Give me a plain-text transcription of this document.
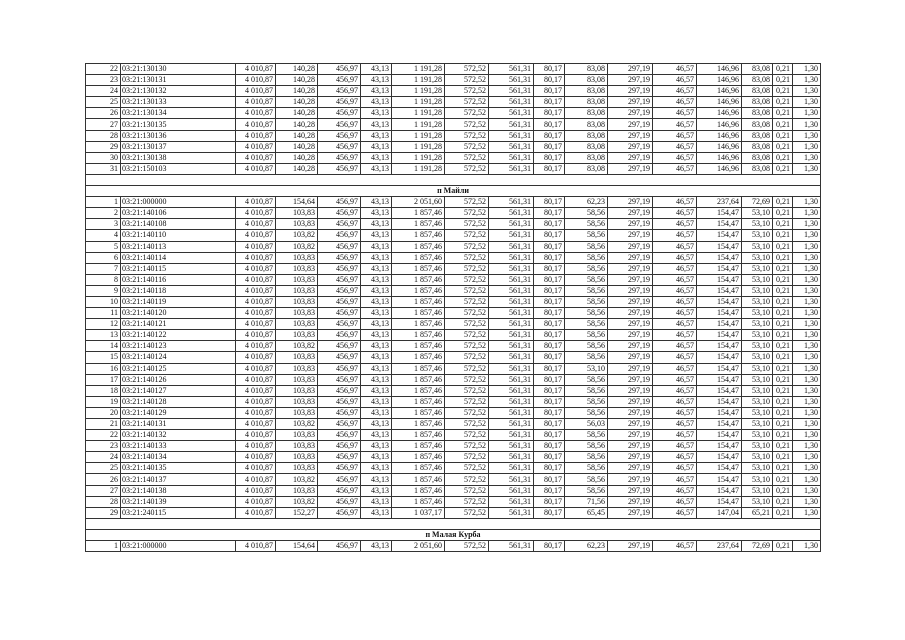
22	03:21:130130	4 010,87	140,28	456,97	43,13	1 191,28	572,52	561,31	80,17	83,08	297,19	46,57	146,96	83,08	0,21	1,30
23	03:21:130131	4 010,87	140,28	456,97	43,13	1 191,28	572,52	561,31	80,17	83,08	297,19	46,57	146,96	83,08	0,21	1,30
24	03:21:130132	4 010,87	140,28	456,97	43,13	1 191,28	572,52	561,31	80,17	83,08	297,19	46,57	146,96	83,08	0,21	1,30
25	03:21:130133	4 010,87	140,28	456,97	43,13	1 191,28	572,52	561,31	80,17	83,08	297,19	46,57	146,96	83,08	0,21	1,30
26	03:21:130134	4 010,87	140,28	456,97	43,13	1 191,28	572,52	561,31	80,17	83,08	297,19	46,57	146,96	83,08	0,21	1,30
27	03:21:130135	4 010,87	140,28	456,97	43,13	1 191,28	572,52	561,31	80,17	83,08	297,19	46,57	146,96	83,08	0,21	1,30
28	03:21:130136	4 010,87	140,28	456,97	43,13	1 191,28	572,52	561,31	80,17	83,08	297,19	46,57	146,96	83,08	0,21	1,30
29	03:21:130137	4 010,87	140,28	456,97	43,13	1 191,28	572,52	561,31	80,17	83,08	297,19	46,57	146,96	83,08	0,21	1,30
30	03:21:130138	4 010,87	140,28	456,97	43,13	1 191,28	572,52	561,31	80,17	83,08	297,19	46,57	146,96	83,08	0,21	1,30
31	03:21:150103	4 010,87	140,28	456,97	43,13	1 191,28	572,52	561,31	80,17	83,08	297,19	46,57	146,96	83,08	0,21	1,30

п Майли																
1	03:21:000000	4 010,87	154,64	456,97	43,13	2 051,60	572,52	561,31	80,17	62,23	297,19	46,57	237,64	72,69	0,21	1,30
2	03:21:140106	4 010,87	103,83	456,97	43,13	1 857,46	572,52	561,31	80,17	58,56	297,19	46,57	154,47	53,10	0,21	1,30
3	03:21:140108	4 010,87	103,83	456,97	43,13	1 857,46	572,52	561,31	80,17	58,56	297,19	46,57	154,47	53,10	0,21	1,30
4	03:21:140110	4 010,87	103,82	456,97	43,13	1 857,46	572,52	561,31	80,17	58,56	297,19	46,57	154,47	53,10	0,21	1,30
5	03:21:140113	4 010,87	103,82	456,97	43,13	1 857,46	572,52	561,31	80,17	58,56	297,19	46,57	154,47	53,10	0,21	1,30
6	03:21:140114	4 010,87	103,83	456,97	43,13	1 857,46	572,52	561,31	80,17	58,56	297,19	46,57	154,47	53,10	0,21	1,30
7	03:21:140115	4 010,87	103,83	456,97	43,13	1 857,46	572,52	561,31	80,17	58,56	297,19	46,57	154,47	53,10	0,21	1,30
8	03:21:140116	4 010,87	103,83	456,97	43,13	1 857,46	572,52	561,31	80,17	58,56	297,19	46,57	154,47	53,10	0,21	1,30
9	03:21:140118	4 010,87	103,83	456,97	43,13	1 857,46	572,52	561,31	80,17	58,56	297,19	46,57	154,47	53,10	0,21	1,30
10	03:21:140119	4 010,87	103,83	456,97	43,13	1 857,46	572,52	561,31	80,17	58,56	297,19	46,57	154,47	53,10	0,21	1,30
11	03:21:140120	4 010,87	103,83	456,97	43,13	1 857,46	572,52	561,31	80,17	58,56	297,19	46,57	154,47	53,10	0,21	1,30
12	03:21:140121	4 010,87	103,83	456,97	43,13	1 857,46	572,52	561,31	80,17	58,56	297,19	46,57	154,47	53,10	0,21	1,30
13	03:21:140122	4 010,87	103,83	456,97	43,13	1 857,46	572,52	561,31	80,17	58,56	297,19	46,57	154,47	53,10	0,21	1,30
14	03:21:140123	4 010,87	103,82	456,97	43,13	1 857,46	572,52	561,31	80,17	58,56	297,19	46,57	154,47	53,10	0,21	1,30
15	03:21:140124	4 010,87	103,83	456,97	43,13	1 857,46	572,52	561,31	80,17	58,56	297,19	46,57	154,47	53,10	0,21	1,30
16	03:21:140125	4 010,87	103,83	456,97	43,13	1 857,46	572,52	561,31	80,17	53,10	297,19	46,57	154,47	53,10	0,21	1,30
17	03:21:140126	4 010,87	103,83	456,97	43,13	1 857,46	572,52	561,31	80,17	58,56	297,19	46,57	154,47	53,10	0,21	1,30
18	03:21:140127	4 010,87	103,83	456,97	43,13	1 857,46	572,52	561,31	80,17	58,56	297,19	46,57	154,47	53,10	0,21	1,30
19	03:21:140128	4 010,87	103,83	456,97	43,13	1 857,46	572,52	561,31	80,17	58,56	297,19	46,57	154,47	53,10	0,21	1,30
20	03:21:140129	4 010,87	103,83	456,97	43,13	1 857,46	572,52	561,31	80,17	58,56	297,19	46,57	154,47	53,10	0,21	1,30
21	03:21:140131	4 010,87	103,82	456,97	43,13	1 857,46	572,52	561,31	80,17	56,03	297,19	46,57	154,47	53,10	0,21	1,30
22	03:21:140132	4 010,87	103,83	456,97	43,13	1 857,46	572,52	561,31	80,17	58,56	297,19	46,57	154,47	53,10	0,21	1,30
23	03:21:140133	4 010,87	103,83	456,97	43,13	1 857,46	572,52	561,31	80,17	58,56	297,19	46,57	154,47	53,10	0,21	1,30
24	03:21:140134	4 010,87	103,83	456,97	43,13	1 857,46	572,52	561,31	80,17	58,56	297,19	46,57	154,47	53,10	0,21	1,30
25	03:21:140135	4 010,87	103,83	456,97	43,13	1 857,46	572,52	561,31	80,17	58,56	297,19	46,57	154,47	53,10	0,21	1,30
26	03:21:140137	4 010,87	103,82	456,97	43,13	1 857,46	572,52	561,31	80,17	58,56	297,19	46,57	154,47	53,10	0,21	1,30
27	03:21:140138	4 010,87	103,83	456,97	43,13	1 857,46	572,52	561,31	80,17	58,56	297,19	46,57	154,47	53,10	0,21	1,30
28	03:21:140139	4 010,87	103,82	456,97	43,13	1 857,46	572,52	561,31	80,17	71,56	297,19	46,57	154,47	53,10	0,21	1,30
29	03:21:240115	4 010,87	152,27	456,97	43,13	1 037,17	572,52	561,31	80,17	65,45	297,19	46,57	147,04	65,21	0,21	1,30

п Малая Курба																
1	03:21:000000	4 010,87	154,64	456,97	43,13	2 051,60	572,52	561,31	80,17	62,23	297,19	46,57	237,64	72,69	0,21	1,30
